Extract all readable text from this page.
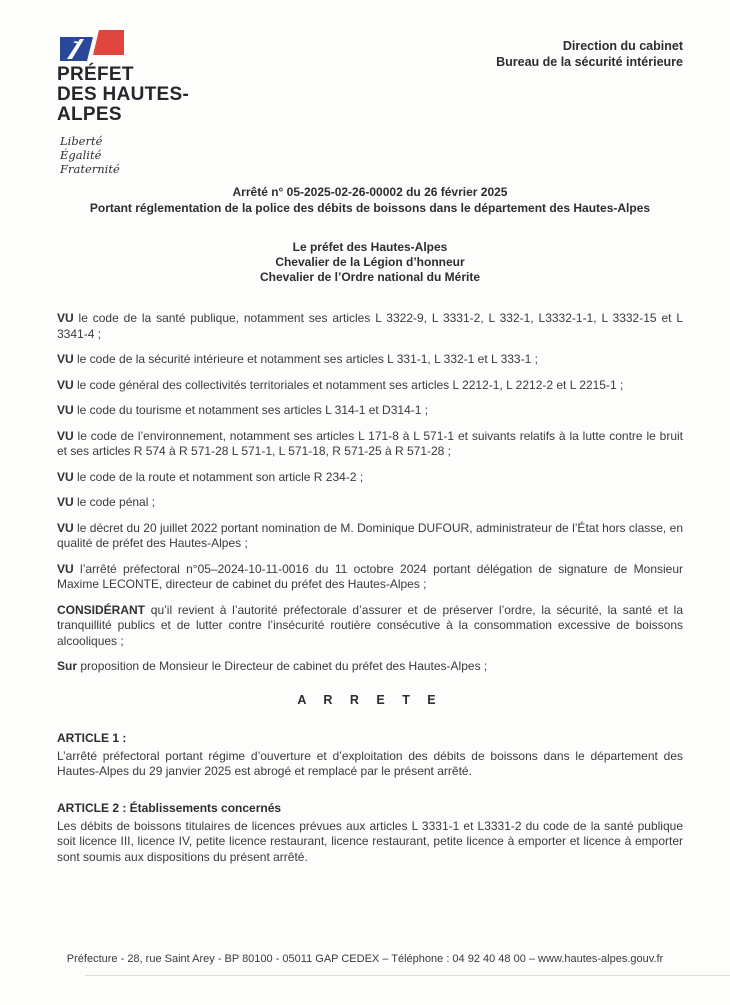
PRÉFET
DES HAUTES-
ALPES
Liberté
Égalité
Fraternité
Direction du cabinet
Bureau de la sécurité intérieure
Arrêté n° 05-2025-02-26-00002 du 26 février 2025
Portant réglementation de la police des débits de boissons dans le département des Hautes-Alpes
Le préfet des Hautes-Alpes
Chevalier de la Légion d’honneur
Chevalier de l’Ordre national du Mérite

VU le code de la santé publique, notamment ses articles L 3322-9, L 3331-2, L 332-1, L3332-1-1, L 3332-15 et L 3341-4 ;

VU le code de la sécurité intérieure et notamment ses articles L 331-1, L 332-1 et L 333-1 ;

VU le code général des collectivités territoriales et notamment ses articles L 2212-1, L 2212-2 et L 2215-1 ;

VU le code du tourisme et notamment ses articles L 314-1 et D314-1 ;

VU le code de l’environnement, notamment ses articles L 171-8 à L 571-1 et suivants relatifs à la lutte contre le bruit et ses articles R 574 à R 571-28 L 571-1, L 571-18, R 571-25 à R 571-28 ;

VU le code de la route et notamment son article R 234-2 ;

VU le code pénal ;

VU le décret du 20 juillet 2022 portant nomination de M. Dominique DUFOUR, administrateur de l’État hors classe, en qualité de préfet des Hautes-Alpes ;

VU l’arrêté préfectoral n°05–2024-10-11-0016 du 11 octobre 2024 portant délégation de signature de Monsieur Maxime LECONTE, directeur de cabinet du préfet des Hautes-Alpes ;

CONSIDÉRANT qu’il revient à l’autorité préfectorale d’assurer et de préserver l’ordre, la sécurité, la santé et la tranquillité publics et de lutter contre l’insécurité routière consécutive à la consommation excessive de boissons alcooliques ;

Sur proposition de Monsieur le Directeur de cabinet du préfet des Hautes-Alpes ;

A R R E T E

ARTICLE 1 :

L’arrêté préfectoral portant régime d’ouverture et d’exploitation des débits de boissons dans le département des Hautes-Alpes du 29 janvier 2025 est abrogé et remplacé par le présent arrêté.

ARTICLE 2 : Établissements concernés

Les débits de boissons titulaires de licences prévues aux articles L 3331-1 et L3331-2 du code de la santé publique soit licence III, licence IV, petite licence restaurant, licence restaurant, petite licence à emporter et licence à emporter sont soumis aux dispositions du présent arrêté.

Préfecture - 28, rue Saint Arey - BP 80100 - 05011 GAP CEDEX – Téléphone : 04 92 40 48 00 – www.hautes-alpes.gouv.fr
